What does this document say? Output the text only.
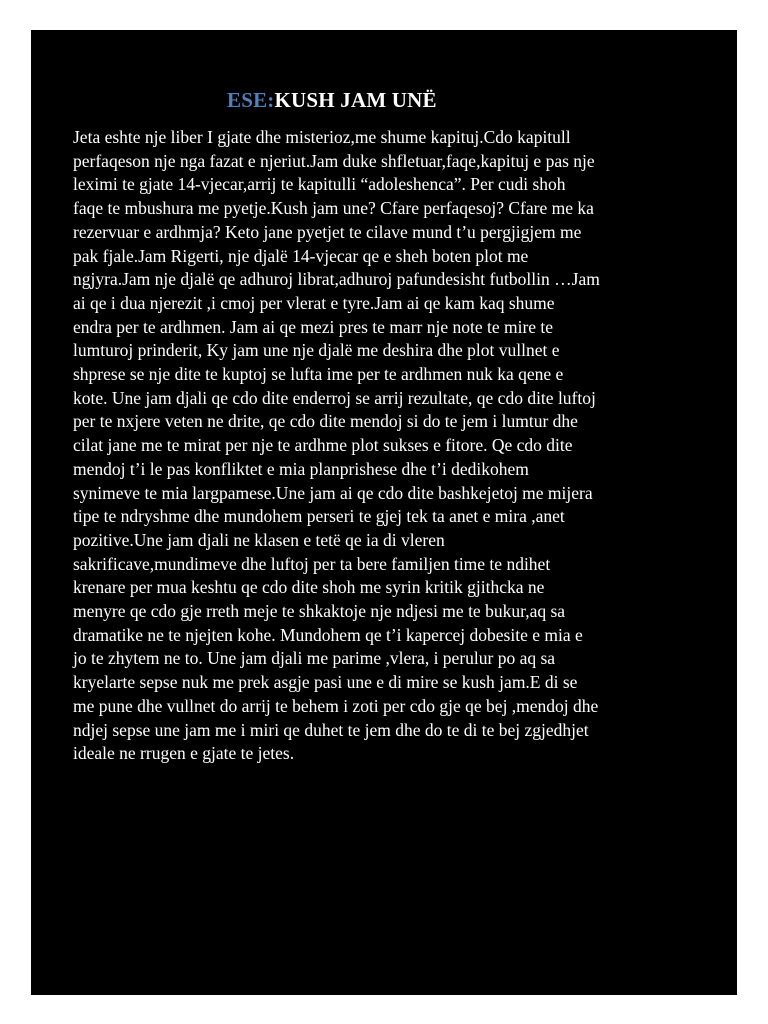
ESE:KUSH JAM UNË
Jeta eshte nje liber I gjate dhe misterioz,me shume kapituj.Cdo kapitull
perfaqeson nje nga fazat e njeriut.Jam duke shfletuar,faqe,kapituj e pas nje
leximi te gjate 14-vjecar,arrij te kapitulli “adoleshenca”. Per cudi shoh
faqe te mbushura me pyetje.Kush jam une? Cfare perfaqesoj? Cfare me ka
rezervuar e ardhmja? Keto jane pyetjet te cilave mund t’u pergjigjem me
pak fjale.Jam Rigerti, nje djalë 14-vjecar qe e sheh boten plot me
ngjyra.Jam nje djalë qe adhuroj librat,adhuroj pafundesisht futbollin …Jam
ai qe i dua njerezit ,i cmoj per vlerat e tyre.Jam ai qe kam kaq shume
endra per te ardhmen. Jam ai qe mezi pres te marr nje note te mire te
lumturoj prinderit, Ky jam une nje djalë me deshira dhe plot vullnet e
shprese se nje dite te kuptoj se lufta ime per te ardhmen nuk ka qene e
kote. Une jam djali qe cdo dite enderroj se arrij rezultate, qe cdo dite luftoj
per te nxjere veten ne drite, qe cdo dite mendoj si do te jem i lumtur dhe
cilat jane me te mirat per nje te ardhme plot sukses e fitore. Qe cdo dite
mendoj t’i le pas konfliktet e mia planprishese dhe t’i dedikohem
synimeve te mia largpamese.Une jam ai qe cdo dite bashkejetoj me mijera
tipe te ndryshme dhe mundohem perseri te gjej tek ta anet e mira ,anet
pozitive.Une jam djali ne klasen e tetë qe ia di vleren
sakrificave,mundimeve dhe luftoj per ta bere familjen time te ndihet
krenare per mua keshtu qe cdo dite shoh me syrin kritik gjithcka ne
menyre qe cdo gje rreth meje te shkaktoje nje ndjesi me te bukur,aq sa
dramatike ne te njejten kohe. Mundohem qe t’i kapercej dobesite e mia e
jo te zhytem ne to. Une jam djali me parime ,vlera, i perulur po aq sa
kryelarte sepse nuk me prek asgje pasi une e di mire se kush jam.E di se
me pune dhe vullnet do arrij te behem i zoti per cdo gje qe bej ,mendoj dhe
ndjej sepse une jam me i miri qe duhet te jem dhe do te di te bej zgjedhjet
ideale ne rrugen e gjate te jetes.
